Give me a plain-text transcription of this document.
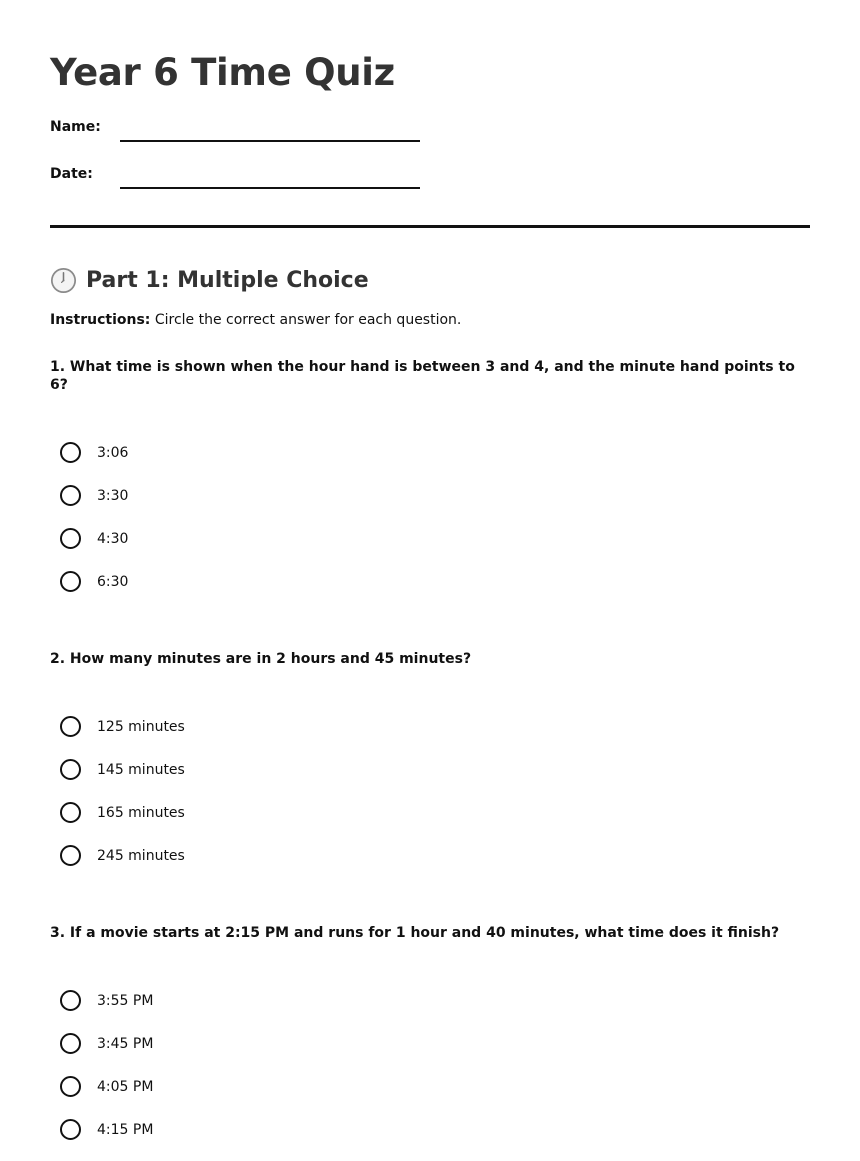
Year 6 Time Quiz
Name:
Date:
Part 1: Multiple Choice
Instructions: Circle the correct answer for each question.
1. What time is shown when the hour hand is between 3 and 4, and the minute hand points to 6?
3:06
3:30
4:30
6:30
2. How many minutes are in 2 hours and 45 minutes?
125 minutes
145 minutes
165 minutes
245 minutes
3. If a movie starts at 2:15 PM and runs for 1 hour and 40 minutes, what time does it finish?
3:55 PM
3:45 PM
4:05 PM
4:15 PM
